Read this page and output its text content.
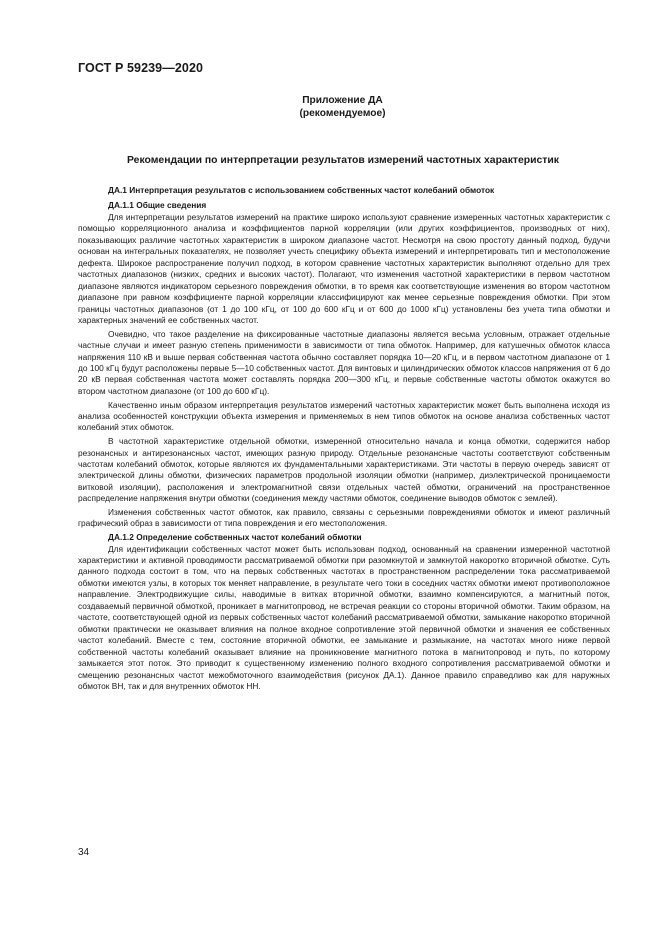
ГОСТ Р 59239—2020
Приложение ДА
(рекомендуемое)
Рекомендации по интерпретации результатов измерений частотных характеристик
ДА.1 Интерпретация результатов с использованием собственных частот колебаний обмоток
ДА.1.1 Общие сведения

Для интерпретации результатов измерений на практике широко используют сравнение измеренных частотных характеристик с помощью корреляционного анализа и коэффициентов парной корреляции (или других коэффициентов, производных от них), показывающих различие частотных характеристик в широком диапазоне частот. Несмотря на свою простоту данный подход, будучи основан на интегральных показателях, не позволяет учесть специфику объекта измерений и интерпретировать тип и местоположение дефекта. Широкое распространение получил подход, в котором сравнение частотных характеристик выполняют отдельно для трех частотных диапазонов (низких, средних и высоких частот). Полагают, что изменения частотной характеристики в первом частотном диапазоне являются индикатором серьезного повреждения обмотки, в то время как соответствующие изменения во втором частотном диапазоне при равном коэффициенте парной корреляции классифицируют как менее серьезные повреждения обмотки. При этом границы частотных диапазонов (от 1 до 100 кГц, от 100 до 600 кГц и от 600 до 1000 кГц) установлены без учета типа обмотки и характерных значений ее собственных частот.

Очевидно, что такое разделение на фиксированные частотные диапазоны является весьма условным, отражает отдельные частные случаи и имеет разную степень применимости в зависимости от типа обмоток. Например, для катушечных обмоток класса напряжения 110 кВ и выше первая собственная частота обычно составляет порядка 10—20 кГц, и в первом частотном диапазоне от 1 до 100 кГц будут расположены первые 5—10 собственных частот. Для винтовых и цилиндрических обмоток классов напряжения от 6 до 20 кВ первая собственная частота может составлять порядка 200—300 кГц, и первые собственные частоты обмоток окажутся во втором частотном диапазоне (от 100 до 600 кГц).

Качественно иным образом интерпретация результатов измерений частотных характеристик может быть выполнена исходя из анализа особенностей конструкции объекта измерения и применяемых в нем типов обмоток на основе анализа собственных частот колебаний этих обмоток.

В частотной характеристике отдельной обмотки, измеренной относительно начала и конца обмотки, содержится набор резонансных и антирезонансных частот, имеющих разную природу. Отдельные резонансные частоты соответствуют собственным частотам колебаний обмоток, которые являются их фундаментальными характеристиками. Эти частоты в первую очередь зависят от электрической длины обмотки, физических параметров продольной изоляции обмотки (например, диэлектрической проницаемости витковой изоляции), расположения и электромагнитной связи отдельных частей обмотки, ограничений на пространственное распределение напряжения внутри обмотки (соединения между частями обмоток, соединение выводов обмоток с землей).

Изменения собственных частот обмоток, как правило, связаны с серьезными повреждениями обмоток и имеют различный графический образ в зависимости от типа повреждения и его местоположения.

ДА.1.2 Определение собственных частот колебаний обмотки

Для идентификации собственных частот может быть использован подход, основанный на сравнении измеренной частотной характеристики и активной проводимости рассматриваемой обмотки при разомкнутой и замкнутой накоротко вторичной обмотке. Суть данного подхода состоит в том, что на первых собственных частотах в пространственном распределении тока рассматриваемой обмотки имеются узлы, в которых ток меняет направление, в результате чего токи в соседних частях обмотки имеют противоположное направление. Электродвижущие силы, наводимые в витках вторичной обмотки, взаимно компенсируются, а магнитный поток, создаваемый первичной обмоткой, проникает в магнитопровод, не встречая реакции со стороны вторичной обмотки. Таким образом, на частоте, соответствующей одной из первых собственных частот колебаний рассматриваемой обмотки, замыкание накоротко вторичной обмотки практически не оказывает влияния на полное входное сопротивление этой первичной обмотки и значения ее собственных частот колебаний. Вместе с тем, состояние вторичной обмотки, ее замыкание и размыкание, на частотах много ниже первой собственной частоты колебаний оказывает влияние на проникновение магнитного потока в магнитопровод и путь, по которому замыкается этот поток. Это приводит к существенному изменению полного входного сопротивления рассматриваемой обмотки и смещению резонансных частот межобмоточного взаимодействия (рисунок ДА.1). Данное правило справедливо как для наружных обмоток ВН, так и для внутренних обмоток НН.

34
